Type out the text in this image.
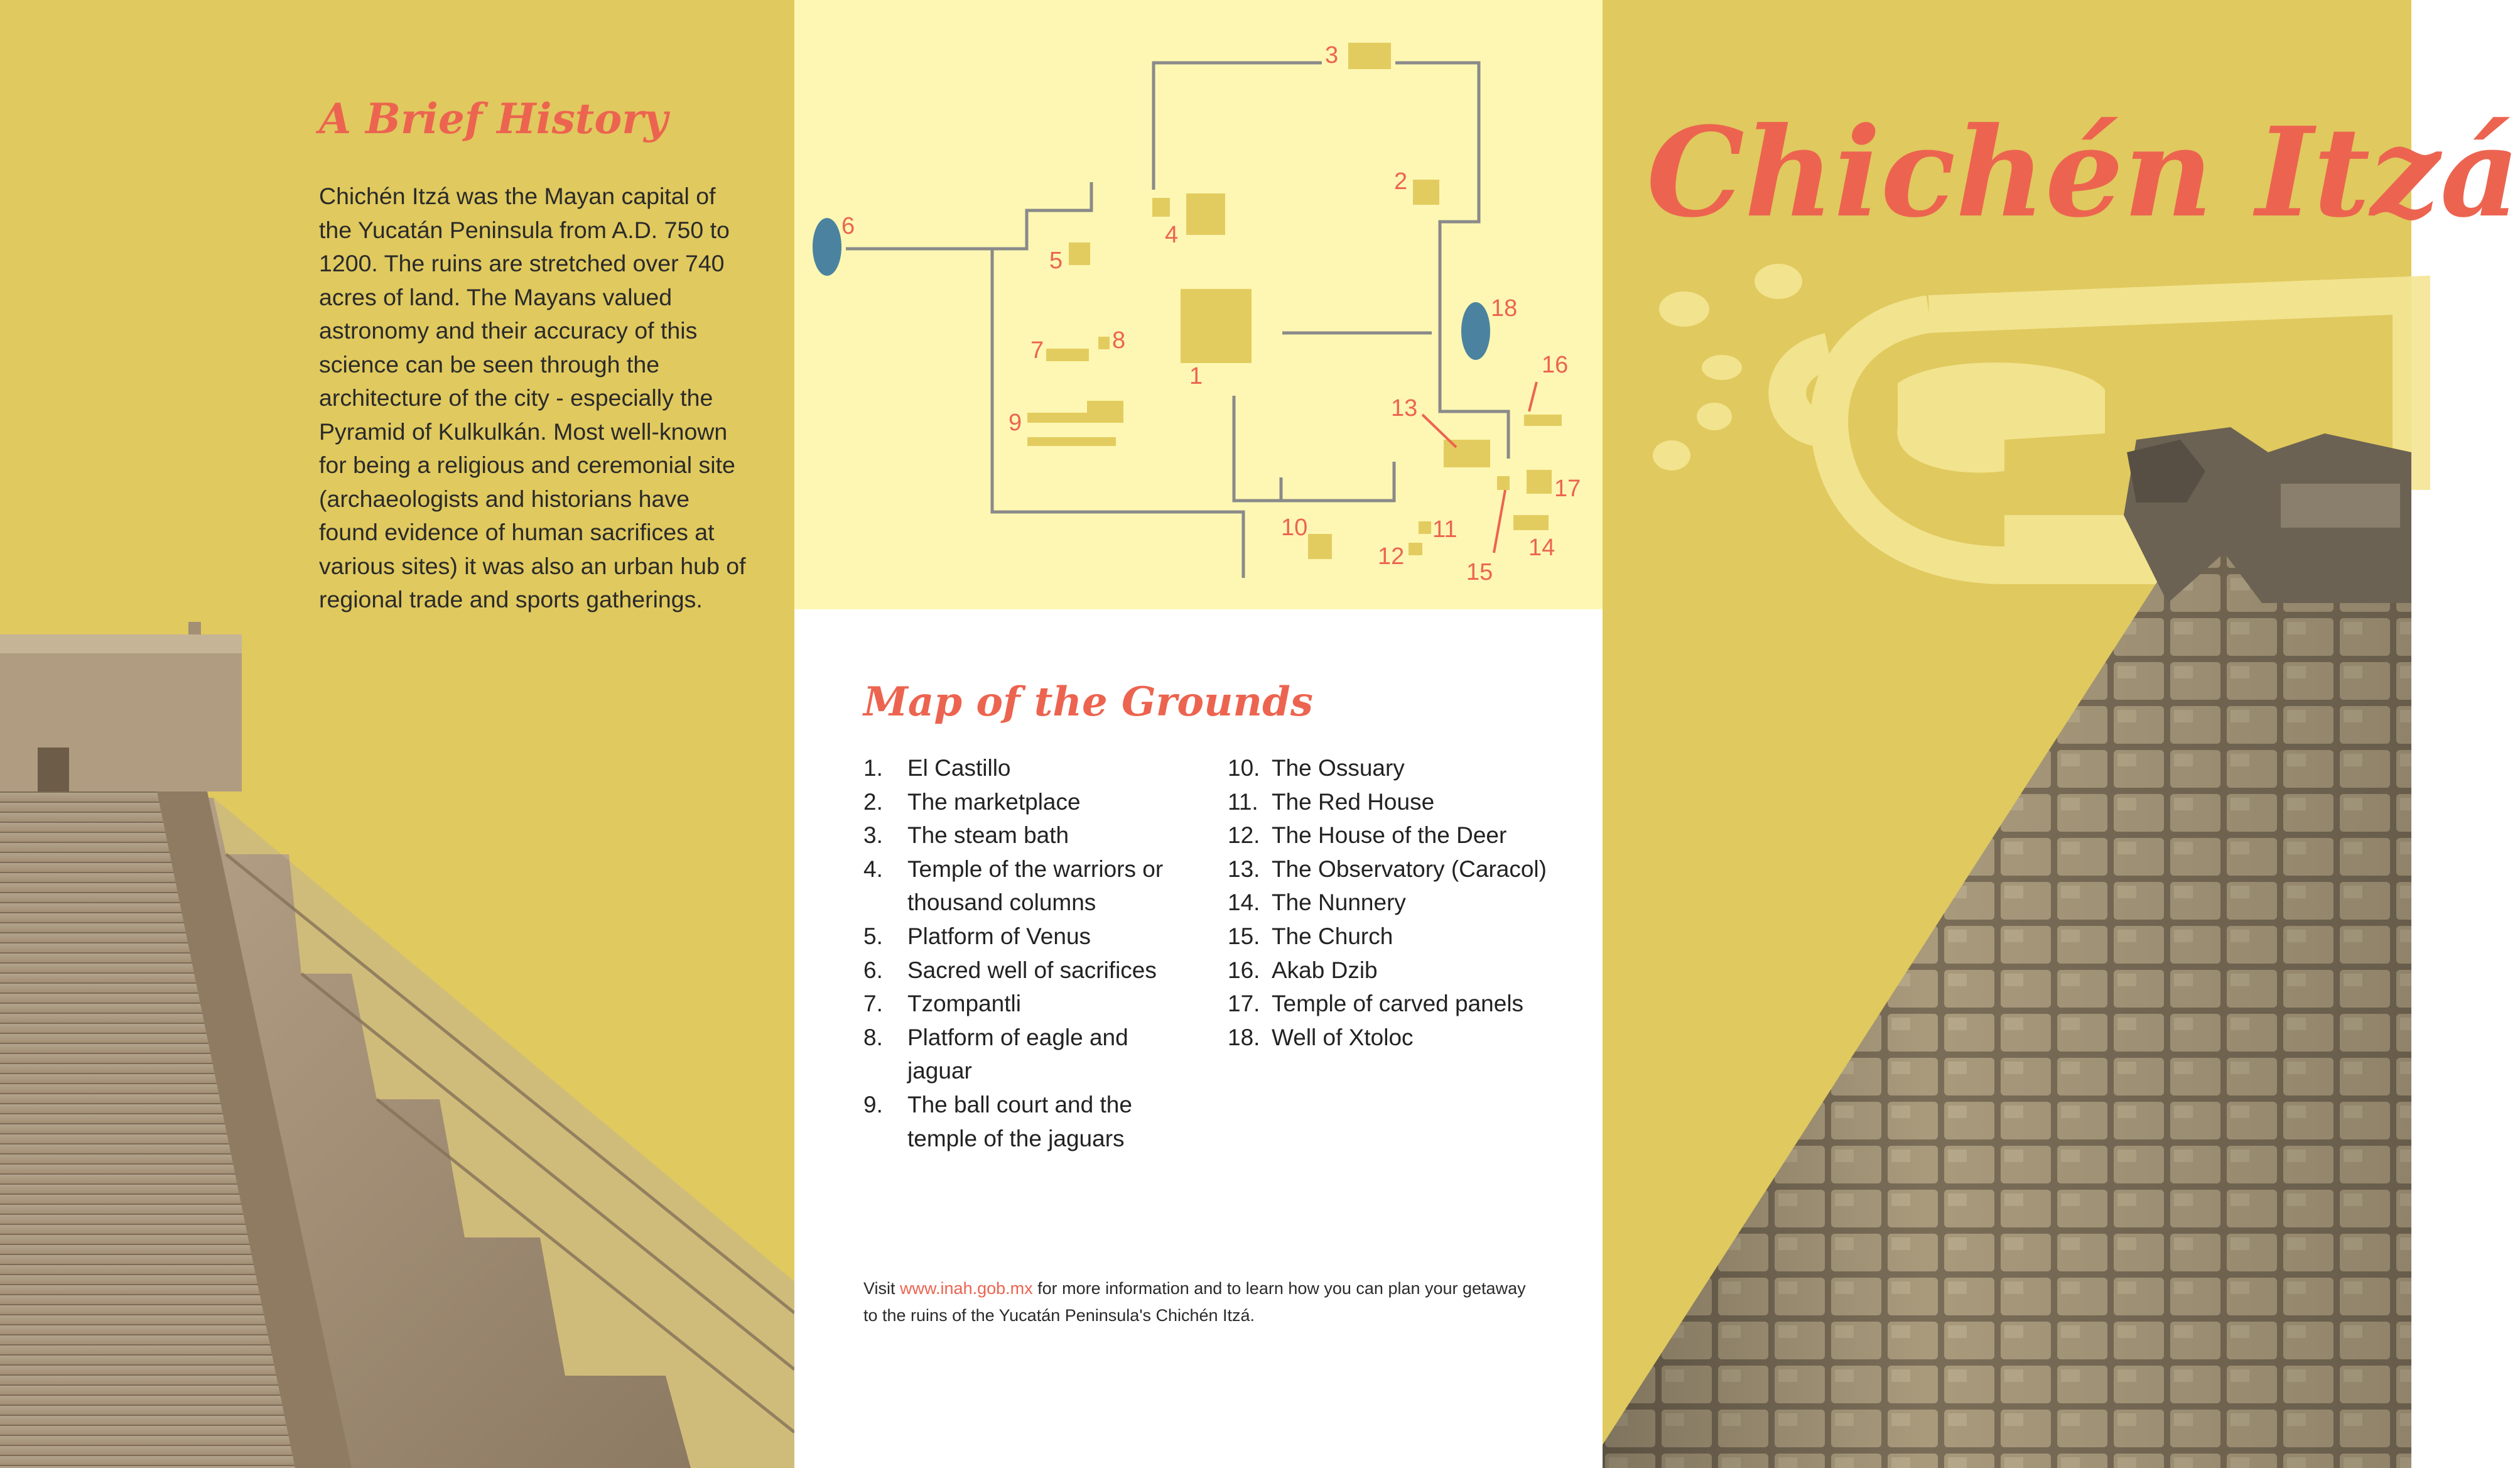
A Brief History

Chichén Itzá was the Mayan capital of the Yucatán Peninsula from A.D. 750 to 1200. The ruins are stretched over 740 acres of land. The Mayans valued astronomy and their accuracy of this science can be seen through the architecture of the city - especially the Pyramid of Kulkulkán. Most well-known for being a religious and ceremonial site (archaeologists and historians have found evidence of human sacrifices at various sites) it was also an urban hub of regional trade and sports gatherings.

1
2
3
4
5
6
7	8
9
10	11
12
13
14
15
16
17
18
Map of the Grounds
1. El Castillo
2. The marketplace
3. The steam bath
4. Temple of the warriors or thousand columns
5. Platform of Venus
6. Sacred well of sacrifices
7. Tzompantli
8. Platform of eagle and jaguar
9. The ball court and the temple of the jaguars
10. The Ossuary
11. The Red House
12. The House of the Deer
13. The Observatory (Caracol)
14. The Nunnery
15. The Church
16. Akab Dzib
17. Temple of carved panels
18. Well of Xtoloc

Visit www.inah.gob.mx for more information and to learn how you can plan your getaway to the ruins of the Yucatán Peninsula's Chichén Itzá.

Chichén Itzá
